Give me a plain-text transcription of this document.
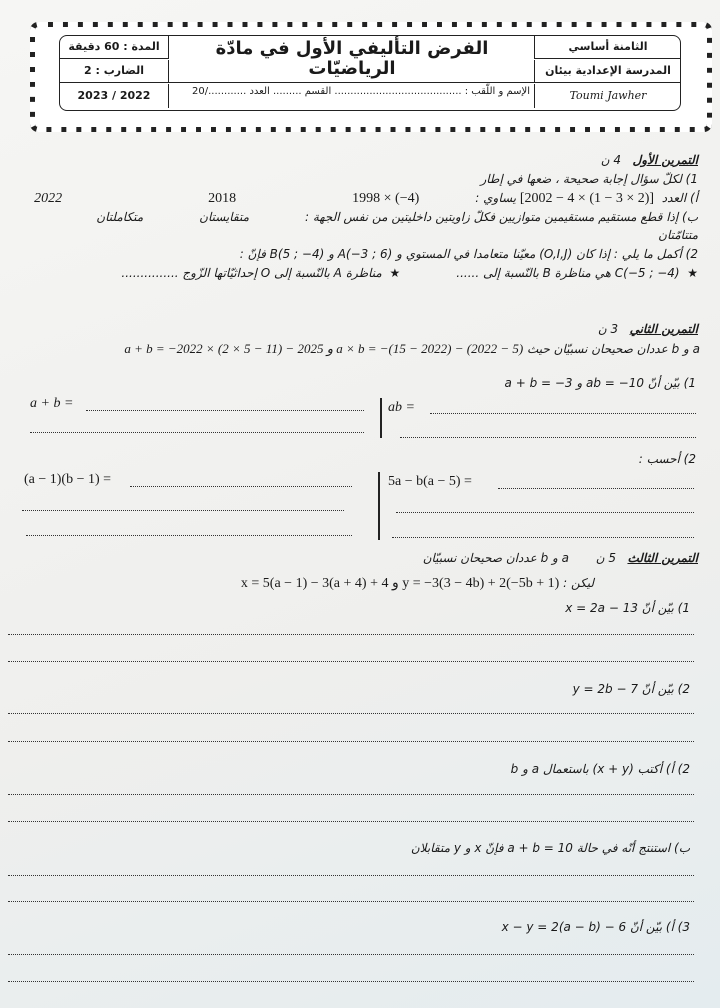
المدة : 60 دقيقة
الضارب : 2
2023 / 2022
الفرض التأليفي الأول في مادّة الرياضيّات
الإسم و اللّقب : ........................................ القسم ......... العدد ............/20
الثامنة أساسي
المدرسة الإعدادية بيئان
Toumi Jawher
التمرين الأول   4 ن
1) لكلّ سؤال إجابة صحيحة ، ضعها في إطار
أ) العدد  [2002 − 4 × (1 − 3 × 2)] يساوي :
1998 × (−4)
2018
2022
ب) إذا قطع مستقيم مستقيمين متوازيين فكلّ زاويتين داخليتين من نفس الجهة :
متقايستان
متكاملتان
متتامّتان
2) أكمل ما يلي : إذا كان (O,I,J) معيّنا متعامدا في المستوي و A(−3 ; 6) و B(5 ; −4) فإنّ :
★  C(−5 ; −4) هي مناظرة B بالنّسبة إلى ......
★  مناظرة A بالنّسبة إلى O إحداثيّاتها الزّوج ...............
التمرين الثاني   3 ن
a و b عددان صحيحان نسبيّان حيث a + b = −2022 × (2 × 5 − 11) − 2025 و a × b = −(15 − 2022) − (2022 − 5)
1) بيّن أنّ ab = −10 و a + b = −3
a + b =	ab =
2) أحسب :
(a − 1)(b − 1) =	5a − b(a − 5) =
التمرين الثالث   5 ن       a و b عددان صحيحان نسبيّان
ليكن : x = 5(a − 1) − 3(a + 4) + 4 و y = −3(3 − 4b) + 2(−5b + 1)
1) بيّن أنّ x = 2a − 13
2) بيّن أنّ y = 2b − 7
2) أ) أكتب (x + y) باستعمال a و b
ب) استنتج أنّه في حالة a + b = 10 فإنّ x و y متقابلان
3) أ) بيّن أنّ x − y = 2(a − b) − 6
